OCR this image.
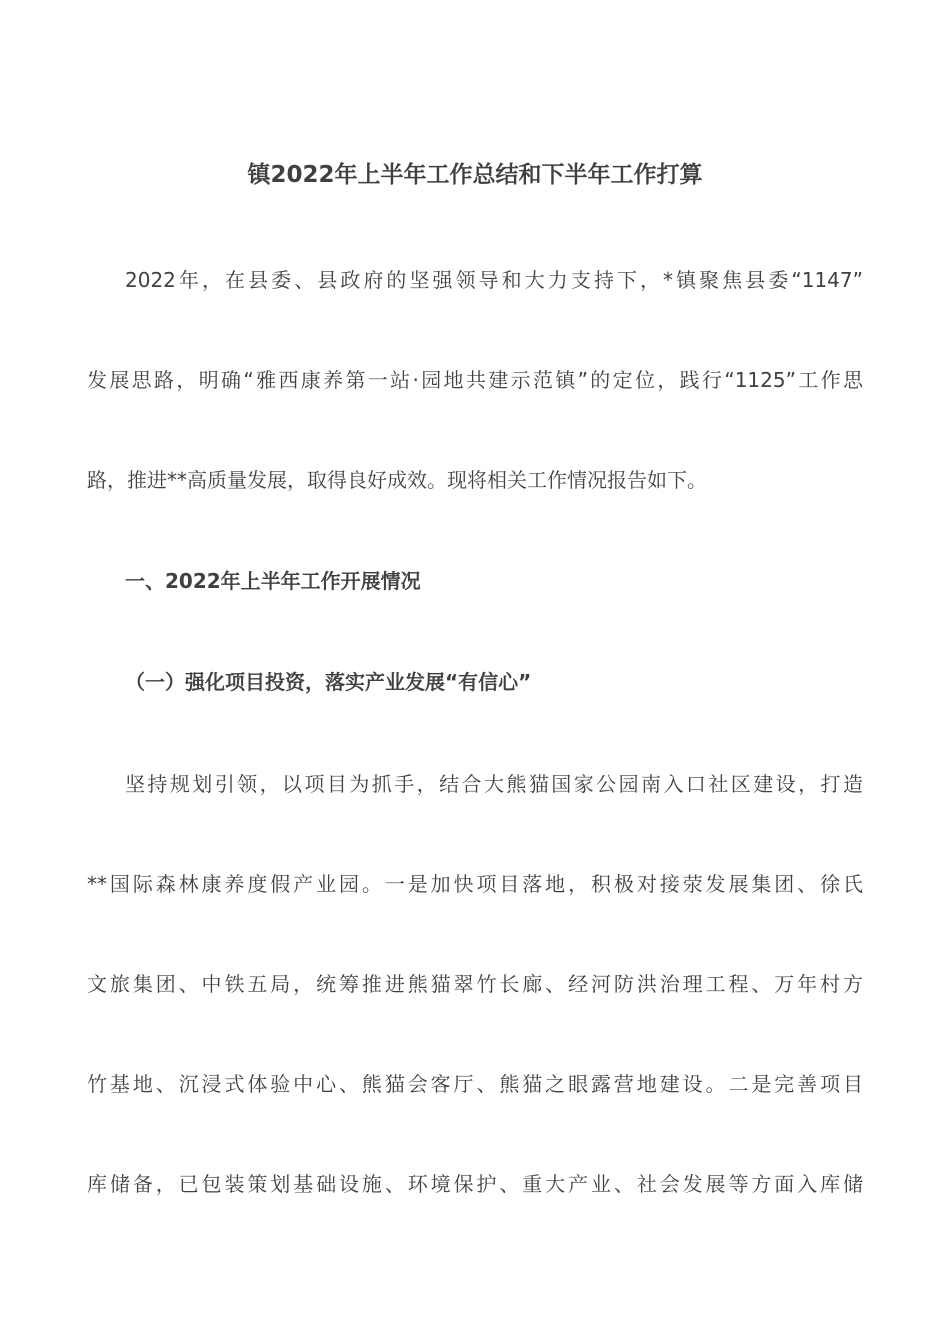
镇2022年上半年工作总结和下半年工作打算
2022年，在县委、县政府的坚强领导和大力支持下，*镇聚焦县委“1147”
发展思路，明确“雅西康养第一站·园地共建示范镇”的定位，践行“1125”工作思
路，推进**高质量发展，取得良好成效。现将相关工作情况报告如下。
一、2022年上半年工作开展情况
（一）强化项目投资，落实产业发展“有信心”
坚持规划引领，以项目为抓手，结合大熊猫国家公园南入口社区建设，打造
**国际森林康养度假产业园。一是加快项目落地，积极对接荥发展集团、徐氏
文旅集团、中铁五局，统筹推进熊猫翠竹长廊、经河防洪治理工程、万年村方
竹基地、沉浸式体验中心、熊猫会客厅、熊猫之眼露营地建设。二是完善项目
库储备，已包装策划基础设施、环境保护、重大产业、社会发展等方面入库储
